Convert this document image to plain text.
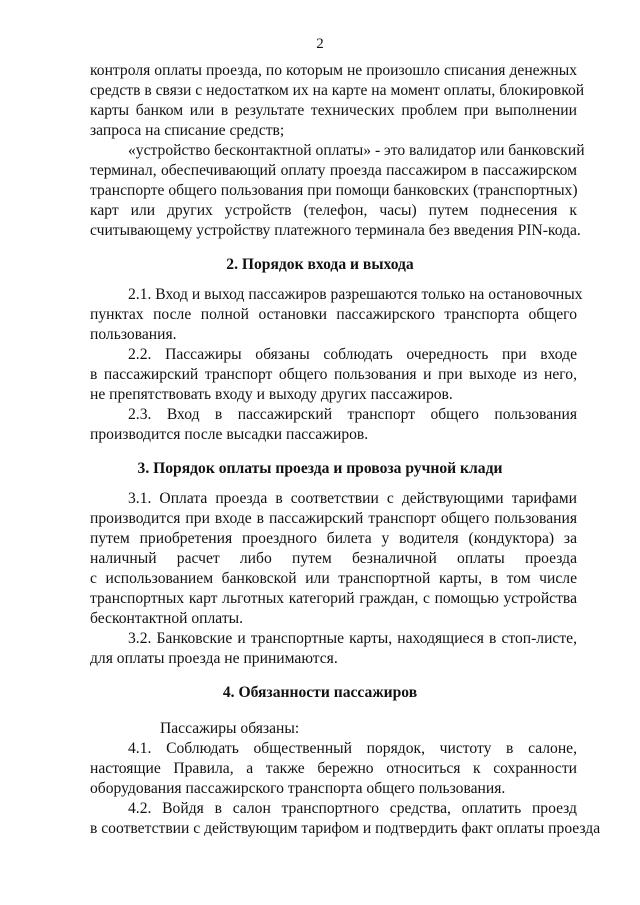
2
контроля оплаты проезда, по которым не произошло списания денежных
средств в связи с недостатком их на карте на момент оплаты, блокировкой
карты банком или в результате технических проблем при выполнении
запроса на списание средств;
«устройство бесконтактной оплаты» - это валидатор или банковский
терминал, обеспечивающий оплату проезда пассажиром в пассажирском
транспорте общего пользования при помощи банковских (транспортных)
карт или других устройств (телефон, часы) путем поднесения к
считывающему устройству платежного терминала без введения PIN-кода.
2. Порядок входа и выхода
2.1. Вход и выход пассажиров разрешаются только на остановочных
пунктах после полной остановки пассажирского транспорта общего
пользования.
2.2. Пассажиры обязаны соблюдать очередность при входе
в пассажирский транспорт общего пользования и при выходе из него,
не препятствовать входу и выходу других пассажиров.
2.3. Вход в пассажирский транспорт общего пользования
производится после высадки пассажиров.
3. Порядок оплаты проезда и провоза ручной клади
3.1. Оплата проезда в соответствии с действующими тарифами
производится при входе в пассажирский транспорт общего пользования
путем приобретения проездного билета у водителя (кондуктора) за
наличный расчет либо путем безналичной оплаты проезда
с использованием банковской или транспортной карты, в том числе
транспортных карт льготных категорий граждан, с помощью устройства
бесконтактной оплаты.
3.2. Банковские и транспортные карты, находящиеся в стоп-листе,
для оплаты проезда не принимаются.
4. Обязанности пассажиров
Пассажиры обязаны:
4.1. Соблюдать общественный порядок, чистоту в салоне,
настоящие Правила, а также бережно относиться к сохранности
оборудования пассажирского транспорта общего пользования.
4.2. Войдя в салон транспортного средства, оплатить проезд
в соответствии с действующим тарифом и подтвердить факт оплаты проезда
